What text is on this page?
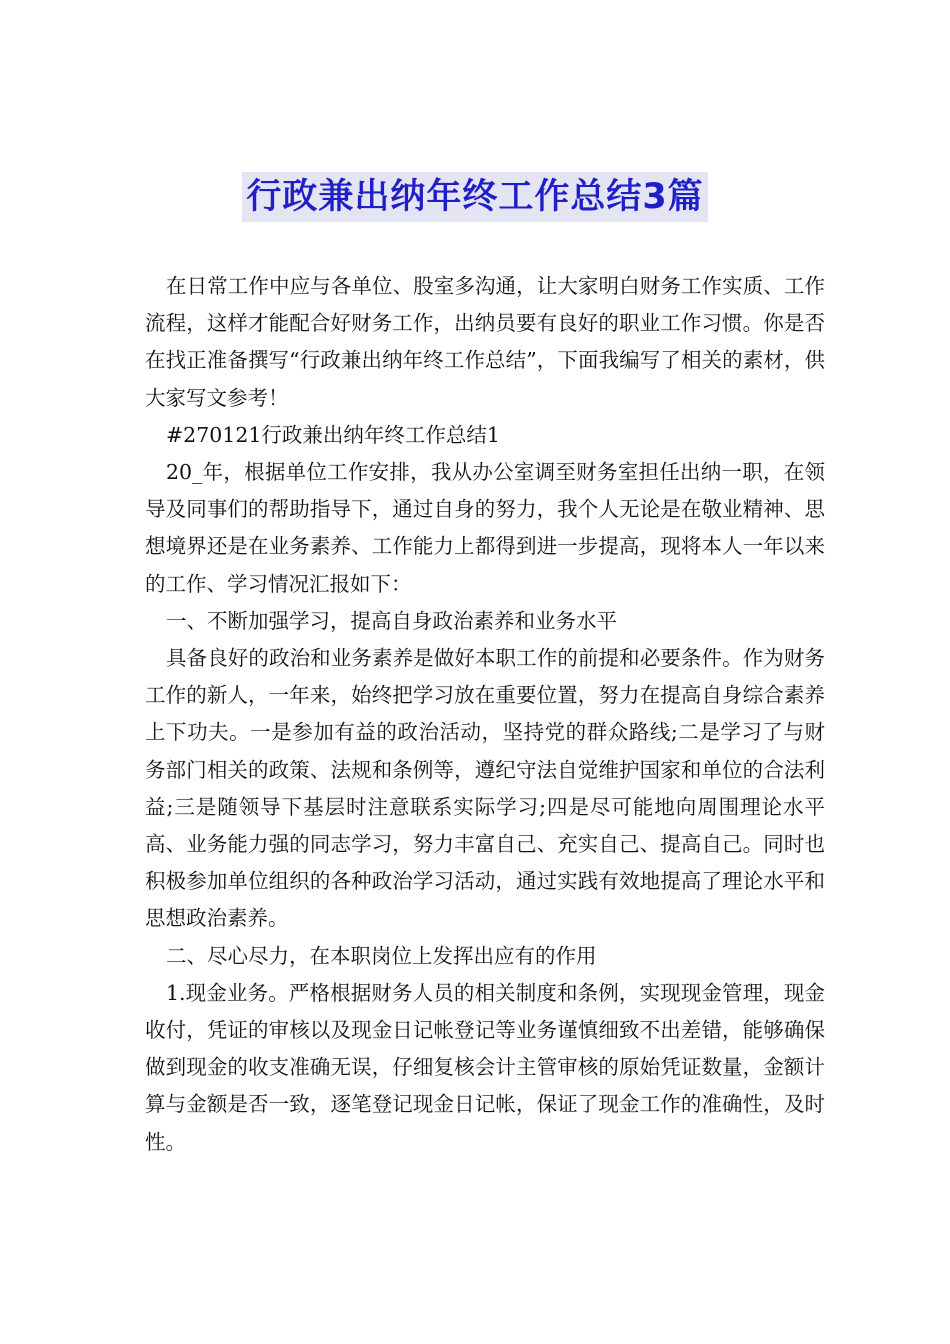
行政兼出纳年终工作总结3篇

在日常工作中应与各单位、股室多沟通，让大家明白财务工作实质、工作流程，这样才能配合好财务工作，出纳员要有良好的职业工作习惯。你是否在找正准备撰写“行政兼出纳年终工作总结”，下面我编写了相关的素材，供大家写文参考！

#270121行政兼出纳年终工作总结1

20_年，根据单位工作安排，我从办公室调至财务室担任出纳一职，在领导及同事们的帮助指导下，通过自身的努力，我个人无论是在敬业精神、思想境界还是在业务素养、工作能力上都得到进一步提高，现将本人一年以来的工作、学习情况汇报如下：

一、不断加强学习，提高自身政治素养和业务水平

具备良好的政治和业务素养是做好本职工作的前提和必要条件。作为财务工作的新人，一年来，始终把学习放在重要位置，努力在提高自身综合素养上下功夫。一是参加有益的政治活动，坚持党的群众路线;二是学习了与财务部门相关的政策、法规和条例等，遵纪守法自觉维护国家和单位的合法利益;三是随领导下基层时注意联系实际学习;四是尽可能地向周围理论水平高、业务能力强的同志学习，努力丰富自己、充实自己、提高自己。同时也积极参加单位组织的各种政治学习活动，通过实践有效地提高了理论水平和思想政治素养。

二、尽心尽力，在本职岗位上发挥出应有的作用

1.现金业务。严格根据财务人员的相关制度和条例，实现现金管理，现金收付，凭证的审核以及现金日记帐登记等业务谨慎细致不出差错，能够确保做到现金的收支准确无误，仔细复核会计主管审核的原始凭证数量，金额计算与金额是否一致，逐笔登记现金日记帐，保证了现金工作的准确性，及时性。
